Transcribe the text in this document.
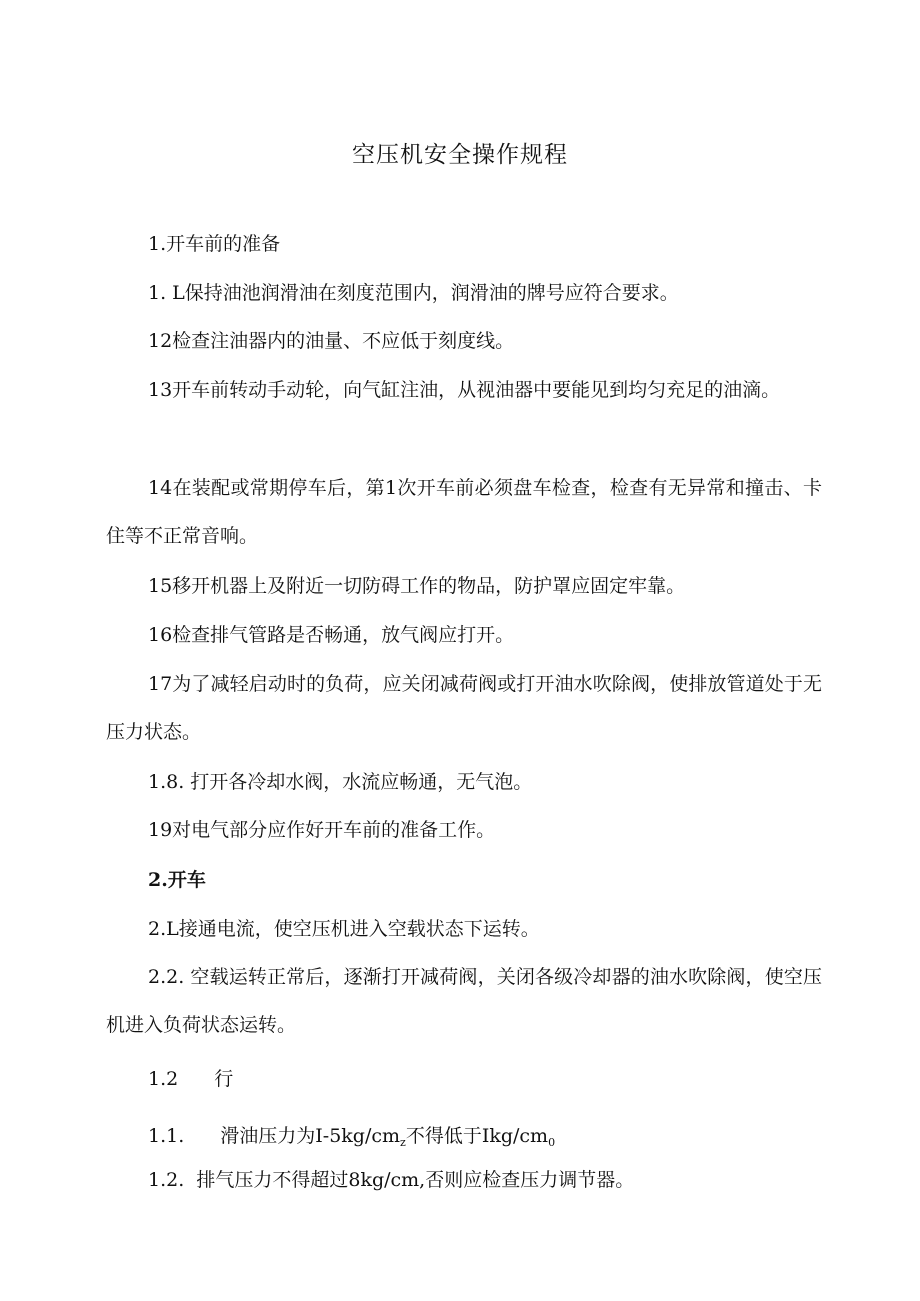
空压机安全操作规程
1.开车前的准备
1. L保持油池润滑油在刻度范围内，润滑油的牌号应符合要求。
12检查注油器内的油量、不应低于刻度线。
13开车前转动手动轮，向气缸注油，从视油器中要能见到均匀充足的油滴。
14在装配或常期停车后，第1次开车前必须盘车检查，检查有无异常和撞击、卡住等不正常音响。
15移开机器上及附近一切防碍工作的物品，防护罩应固定牢靠。
16检查排气管路是否畅通，放气阀应打开。
17为了减轻启动时的负荷，应关闭减荷阀或打开油水吹除阀，使排放管道处于无压力状态。
1.8. 打开各冷却水阀，水流应畅通，无气泡。
19对电气部分应作好开车前的准备工作。
2.开车
2.L接通电流，使空压机进入空载状态下运转。
2.2. 空载运转正常后，逐渐打开减荷阀，关闭各级冷却器的油水吹除阀，使空压机进入负荷状态运转。
1.2 行
1.1. 滑油压力为$I-5kg∕cm_z$不得低于$Ikg∕cm_0$
1.2. 排气压力不得超过8kg∕cm,否则应检查压力调节器。
